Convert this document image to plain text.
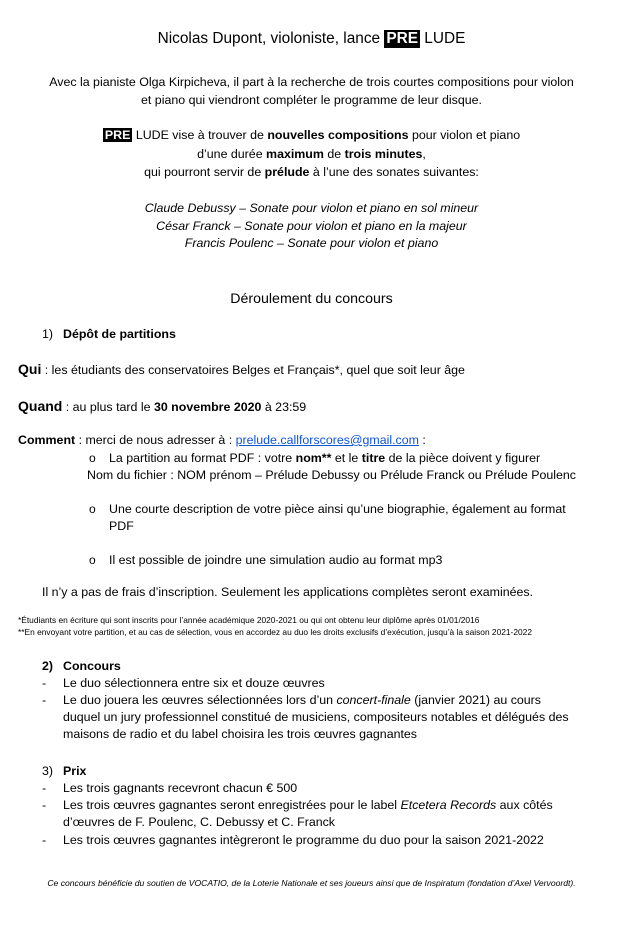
Nicolas Dupont, violoniste, lance PRE LUDE
Avec la pianiste Olga Kirpicheva, il part à la recherche de trois courtes compositions pour violon
et piano qui viendront compléter le programme de leur disque.
PRE LUDE vise à trouver de nouvelles compositions pour violon et piano
d’une durée maximum de trois minutes,
qui pourront servir de prélude à l’une des sonates suivantes:
Claude Debussy – Sonate pour violon et piano en sol mineur
César Franck – Sonate pour violon et piano en la majeur
Francis Poulenc – Sonate pour violon et piano
Déroulement du concours
1) Dépôt de partitions
Qui : les étudiants des conservatoires Belges et Français*, quel que soit leur âge
Quand : au plus tard le 30 novembre 2020 à 23:59
Comment : merci de nous adresser à : prelude.callforscores@gmail.com :
o La partition au format PDF : votre nom** et le titre de la pièce doivent y figurer
Nom du fichier : NOM prénom – Prélude Debussy ou Prélude Franck ou Prélude Poulenc
o Une courte description de votre pièce ainsi qu’une biographie, également au format
PDF
o Il est possible de joindre une simulation audio au format mp3
Il n’y a pas de frais d’inscription. Seulement les applications complètes seront examinées.
*Étudiants en écriture qui sont inscrits pour l’année académique 2020-2021 ou qui ont obtenu leur diplôme après 01/01/2016
**En envoyant votre partition, et au cas de sélection, vous en accordez au duo les droits exclusifs d’exécution, jusqu’à la saison 2021-2022
2) Concours
- Le duo sélectionnera entre six et douze œuvres
- Le duo jouera les œuvres sélectionnées lors d’un concert-finale (janvier 2021) au cours
duquel un jury professionnel constitué de musiciens, compositeurs notables et délégués des
maisons de radio et du label choisira les trois œuvres gagnantes
3) Prix
- Les trois gagnants recevront chacun € 500
- Les trois œuvres gagnantes seront enregistrées pour le label Etcetera Records aux côtés
d’œuvres de F. Poulenc, C. Debussy et C. Franck
- Les trois œuvres gagnantes intègreront le programme du duo pour la saison 2021-2022
Ce concours bénéficie du soutien de VOCATIO, de la Loterie Nationale et ses joueurs ainsi que de Inspiratum (fondation d’Axel Vervoordt).
